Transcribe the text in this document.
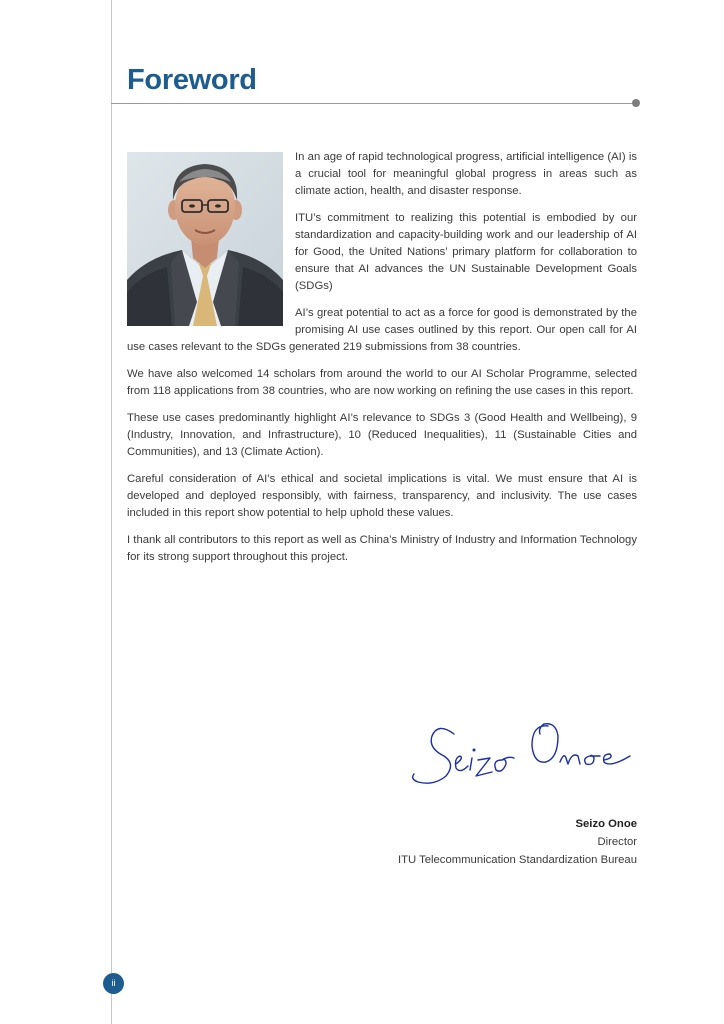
Foreword

In an age of rapid technological progress, artificial intelligence (AI) is a crucial tool for meaningful global progress in areas such as climate action, health, and disaster response.

ITU’s commitment to realizing this potential is embodied by our standardization and capacity-building work and our leadership of AI for Good, the United Nations’ primary platform for collaboration to ensure that AI advances the UN Sustainable Development Goals (SDGs)

AI’s great potential to act as a force for good is demonstrated by the promising AI use cases outlined by this report. Our open call for AI use cases relevant to the SDGs generated 219 submissions from 38 countries.

We have also welcomed 14 scholars from around the world to our AI Scholar Programme, selected from 118 applications from 38 countries, who are now working on refining the use cases in this report.

These use cases predominantly highlight AI’s relevance to SDGs 3 (Good Health and Wellbeing), 9 (Industry, Innovation, and Infrastructure), 10 (Reduced Inequalities), 11 (Sustainable Cities and Communities), and 13 (Climate Action).

Careful consideration of AI’s ethical and societal implications is vital. We must ensure that AI is developed and deployed responsibly, with fairness, transparency, and inclusivity. The use cases included in this report show potential to help uphold these values.

I thank all contributors to this report as well as China’s Ministry of Industry and Information Technology for its strong support throughout this project.

Seizo Onoe
Director
ITU Telecommunication Standardization Bureau
ii
